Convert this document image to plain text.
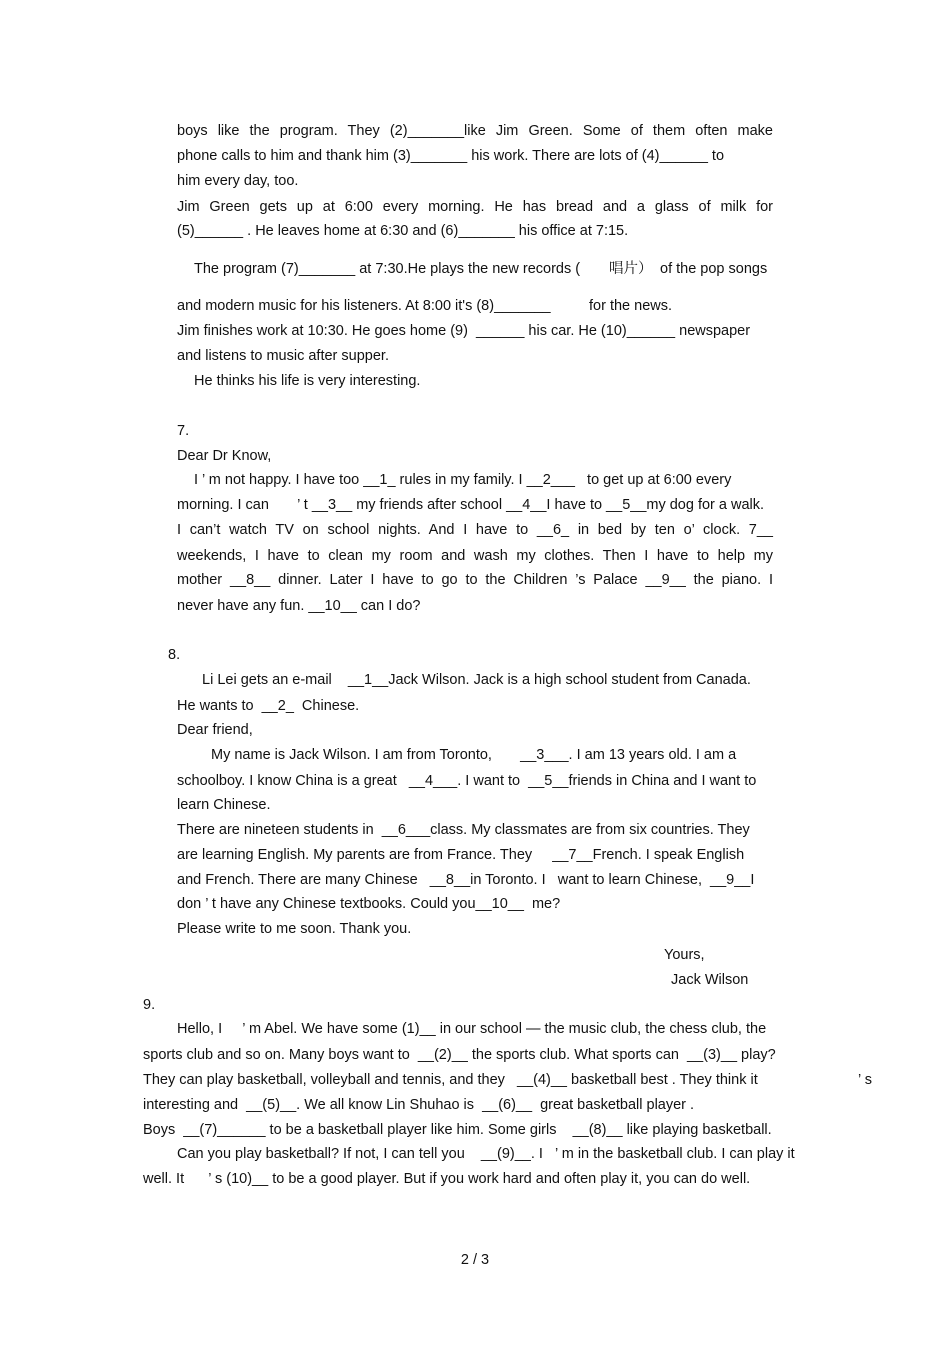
boys like the program. They (2)_______like Jim Green. Some of them often make
phone calls to him and thank him (3)_______ his work. There are lots of (4)______ to
him every day, too.
Jim Green gets up at 6:00 every morning. He has bread and a glass of milk for
(5)______ . He leaves home at 6:30 and (6)_______ his office at 7:15.
The program (7)_______ at 7:30.He plays the new records ( 唱片） of the pop songs
and modern music for his listeners. At 8:00 it's (8)_______	for the news.
Jim finishes work at 10:30. He goes home (9)  ______ his car. He (10)______ newspaper
and listens to music after supper.
He thinks his life is very interesting.
7.
Dear Dr Know,
I ’ m not happy. I have too __1_ rules in my family. I __2___   to get up at 6:00 every
morning. I can       ’ t __3__ my friends after school __4__I have to __5__my dog for a walk.
I can’t watch TV on school nights. And I have to __6_ in bed by ten o’ clock. 7__
weekends, I have to clean my room and wash my clothes. Then I have to help my
mother __8__ dinner. Later I have to go to the Children ’s Palace __9__ the piano. I
never have any fun. __10__ can I do?
8.
Li Lei gets an e-mail    __1__Jack Wilson. Jack is a high school student from Canada.
He wants to  __2_  Chinese.
Dear friend,
My name is Jack Wilson. I am from Toronto,       __3___. I am 13 years old. I am a
schoolboy. I know China is a great   __4___. I want to  __5__friends in China and I want to
learn Chinese.
There are nineteen students in  __6___class. My classmates are from six countries. They
are learning English. My parents are from France. They     __7__French. I speak English
and French. There are many Chinese   __8__in Toronto. I   want to learn Chinese,  __9__I
don ’ t have any Chinese textbooks. Could you__10__  me?
Please write to me soon. Thank you.
Yours,
Jack Wilson
9.
Hello, I     ’ m Abel. We have some (1)__ in our school — the music club, the chess club, the
sports club and so on. Many boys want to  __(2)__ the sports club. What sports can  __(3)__ play?
They can play basketball, volleyball and tennis, and they   __(4)__ basketball best . They think it	’ s
interesting and  __(5)__. We all know Lin Shuhao is  __(6)__  great basketball player .
Boys  __(7)______ to be a basketball player like him. Some girls    __(8)__ like playing basketball.
Can you play basketball? If not, I can tell you    __(9)__. I   ’ m in the basketball club. I can play it
well. It      ’ s (10)__ to be a good player. But if you work hard and often play it, you can do well.
2 / 3
